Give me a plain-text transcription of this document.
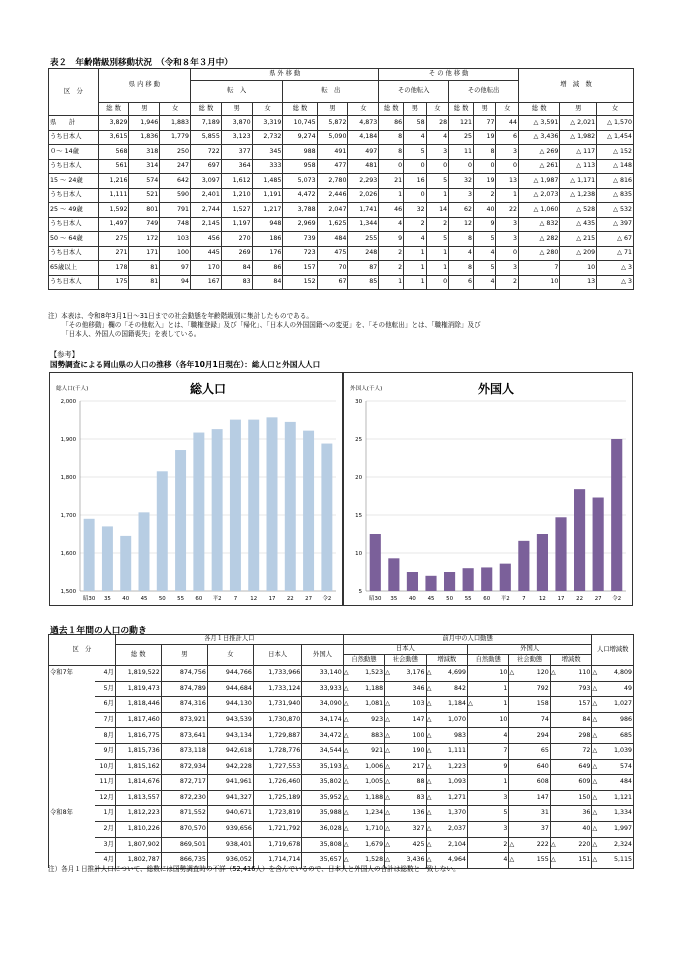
表２　年齢階級別移動状況　（令和８年３月中）
区　分	県 内 移 動			県 外 移 動						そ の 他 移 動						増　減　数		
				転　入			転　出			その他転入			その他転出					
	総 数	男	女	総 数	男	女	総 数	男	女	総 数	男	女	総 数	男	女	総 数	男	女
県　　計	3,829	1,946	1,883	7,189	3,870	3,319	10,745	5,872	4,873	86	58	28	121	77	44	△ 3,591	△ 2,021	△ 1,570
うち日本人	3,615	1,836	1,779	5,855	3,123	2,732	9,274	5,090	4,184	8	4	4	25	19	6	△ 3,436	△ 1,982	△ 1,454
０～ 14歳	568	318	250	722	377	345	988	491	497	8	5	3	11	8	3	△ 269	△ 117	△ 152
うち日本人	561	314	247	697	364	333	958	477	481	0	0	0	0	0	0	△ 261	△ 113	△ 148
15 ～ 24歳	1,216	574	642	3,097	1,612	1,485	5,073	2,780	2,293	21	16	5	32	19	13	△ 1,987	△ 1,171	△ 816
うち日本人	1,111	521	590	2,401	1,210	1,191	4,472	2,446	2,026	1	0	1	3	2	1	△ 2,073	△ 1,238	△ 835
25 ～ 49歳	1,592	801	791	2,744	1,527	1,217	3,788	2,047	1,741	46	32	14	62	40	22	△ 1,060	△ 528	△ 532
うち日本人	1,497	749	748	2,145	1,197	948	2,969	1,625	1,344	4	2	2	12	9	3	△ 832	△ 435	△ 397
50 ～ 64歳	275	172	103	456	270	186	739	484	255	9	4	5	8	5	3	△ 282	△ 215	△ 67
うち日本人	271	171	100	445	269	176	723	475	248	2	1	1	4	4	0	△ 280	△ 209	△ 71
65歳以上	178	81	97	170	84	86	157	70	87	2	1	1	8	5	3	7	10	△ 3
うち日本人	175	81	94	167	83	84	152	67	85	1	1	0	6	4	2	10	13	△ 3
注）本表は、令和8年3月1日～31日までの社会動態を年齢階級別に集計したものである。
「その他移動」欄の「その他転入」とは、「職権登録」及び「帰化」、「日本人の外国国籍への変更」を、「その他転出」とは、「職権消除」及び
「日本人、外国人の国籍喪失」を表している。
【参考】
国勢調査による岡山県の人口の推移（各年10月1日現在）：総人口と外国人人口
1,500
1,600
1,700
1,800
1,900
2,000
昭30 35 40 45 50 55 60 平2 7 12 17 22 27 令2
総人口(千人)	総人口
5
10
15
20
25
30
昭30 35 40 45 50 55 60 平2 7 12 17 22 27 令2
外国人(千人)	外国人
過去１年間の人口の動き
区　分		各月１日推計人口					前月中の人口動態												人口増減数	
		総 数	男	女	日本人	外国人	日本人						外国人							
							自然動態		社会動態		増減数		自然動態		社会動態		増減数			
令和7年	4月	1,819,522	874,756	944,766	1,733,966	33,140	△	1,523	△	3,176	△	4,699		10	△	120	△	110	△	4,809
	5月	1,819,473	874,789	944,684	1,733,124	33,933	△	1,188		346	△	842		1		792		793	△	49
	6月	1,818,446	874,316	944,130	1,731,940	34,090	△	1,081	△	103	△	1,184	△	1		158		157	△	1,027
	7月	1,817,460	873,921	943,539	1,730,870	34,174	△	923	△	147	△	1,070		10		74		84	△	986
	8月	1,816,775	873,641	943,134	1,729,887	34,472	△	883	△	100	△	983		4		294		298	△	685
	9月	1,815,736	873,118	942,618	1,728,776	34,544	△	921	△	190	△	1,111		7		65		72	△	1,039
	10月	1,815,162	872,934	942,228	1,727,553	35,193	△	1,006	△	217	△	1,223		9		640		649	△	574
	11月	1,814,676	872,717	941,961	1,726,460	35,802	△	1,005	△	88	△	1,093		1		608		609	△	484
	12月	1,813,557	872,230	941,327	1,725,189	35,952	△	1,188	△	83	△	1,271		3		147		150	△	1,121
令和8年	1月	1,812,223	871,552	940,671	1,723,819	35,988	△	1,234	△	136	△	1,370		5		31		36	△	1,334
	2月	1,810,226	870,570	939,656	1,721,792	36,028	△	1,710	△	327	△	2,037		3		37		40	△	1,997
	3月	1,807,902	869,501	938,401	1,719,678	35,808	△	1,679	△	425	△	2,104		2	△	222	△	220	△	2,324
	4月	1,802,787	866,735	936,052	1,714,714	35,657	△	1,528	△	3,436	△	4,964		4	△	155	△	151	△	5,115
注）各月１日推計人口について、総数には国勢調査時の不詳（52,416人）を含んでいるので、日本人と外国人の合計は総数と一致しない。
